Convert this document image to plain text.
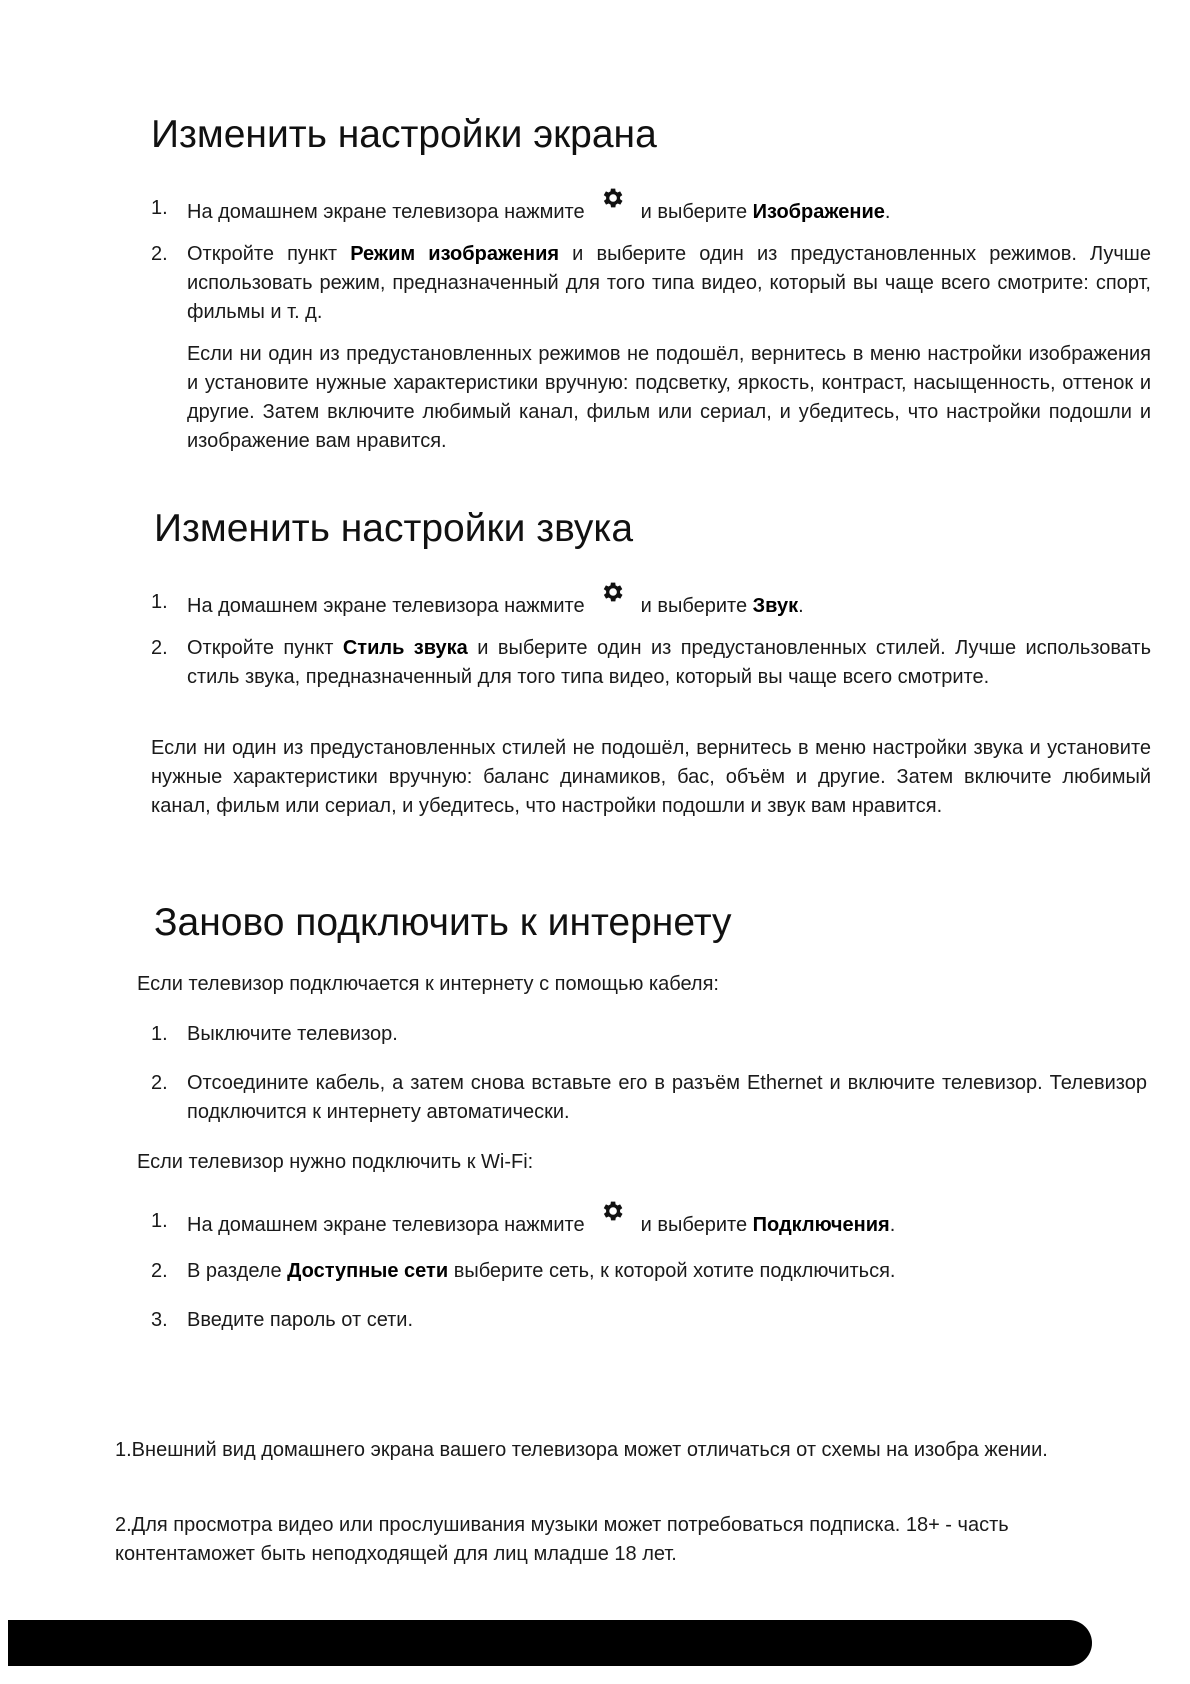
Изменить настройки экрана
1. На домашнем экране телевизора нажмите	и выберите Изображение.
2. Откройте пункт Режим изображения и выберите один из предустановленных режимов. Лучше использовать режим, предназначенный для того типа видео, который вы чаще всего смотрите: спорт, фильмы и т. д.
Если ни один из предустановленных режимов не подошёл, вернитесь в меню настройки изображения и установите нужные характеристики вручную: подсветку, яркость, контраст, насыщенность, оттенок и другие. Затем включите любимый канал, фильм или сериал, и убедитесь, что настройки подошли и изображение вам нравится.
Изменить настройки звука
1. На домашнем экране телевизора нажмите	и выберите Звук.
2. Откройте пункт Стиль звука и выберите один из предустановленных стилей. Лучше использовать стиль звука, предназначенный для того типа видео, который вы чаще всего смотрите.
Если ни один из предустановленных стилей не подошёл, вернитесь в меню настройки звука и установите нужные характеристики вручную: баланс динамиков, бас, объём и другие. Затем включите любимый канал, фильм или сериал, и убедитесь, что настройки подошли и звук вам нравится.
Заново подключить к интернету
Если телевизор подключается к интернету с помощью кабеля:
1. Выключите телевизор.
2. Отсоедините кабель, а затем снова вставьте его в разъём Ethernet и включите телевизор. Телевизор подключится к интернету автоматически.
Если телевизор нужно подключить к Wi-Fi:
1. На домашнем экране телевизора нажмите	и выберите Подключения.
2. В разделе Доступные сети выберите сеть, к которой хотите подключиться.
3. Введите пароль от сети.
1.Внешний вид домашнего экрана вашего телевизора может отличаться от схемы на изобра жении.
2.Для просмотра видео или прослушивания музыки может потребоваться подписка. 18+ - часть контентаможет быть неподходящей для лиц младше 18 лет.
